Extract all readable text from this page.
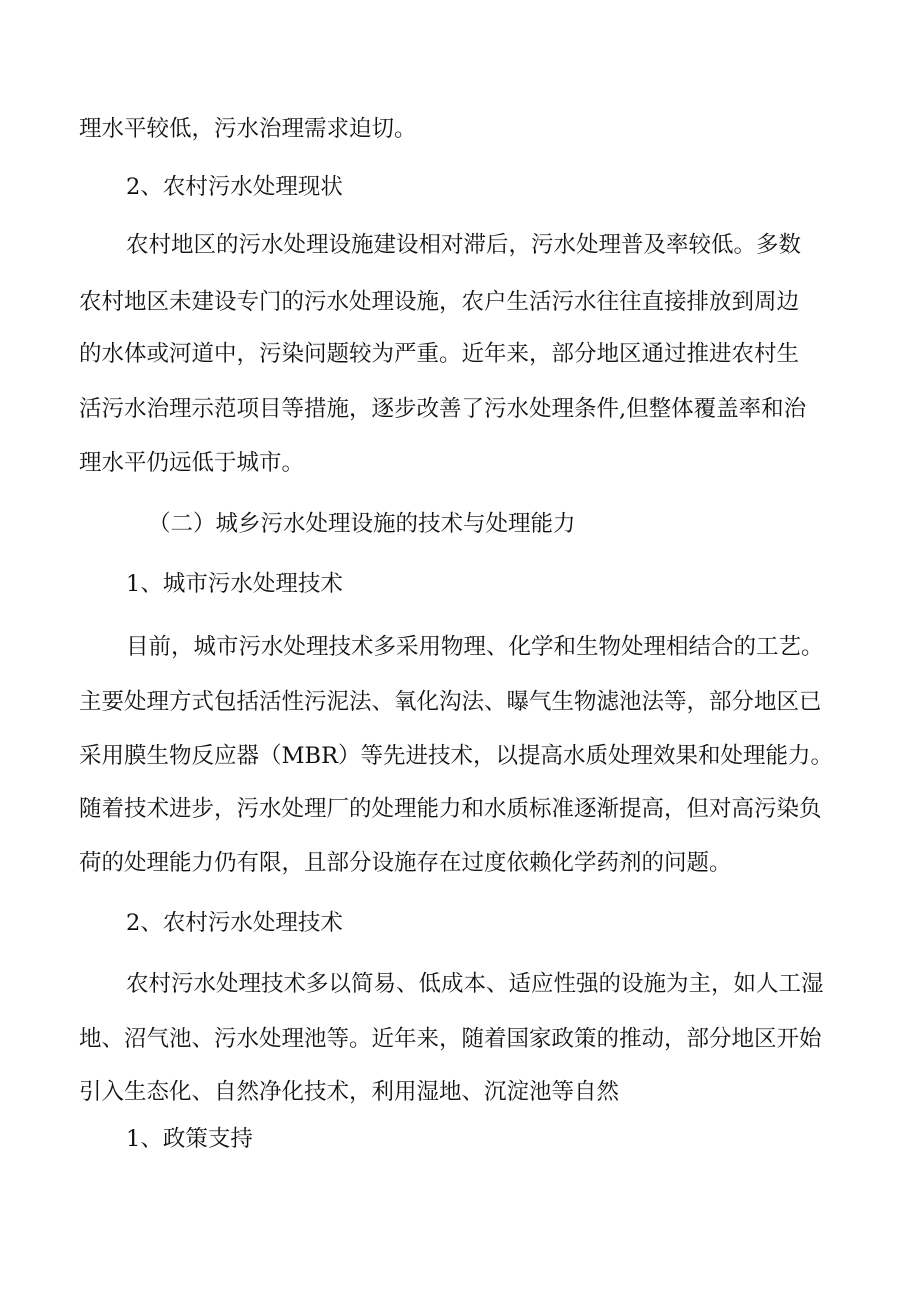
理水平较低，污水治理需求迫切。

2、农村污水处理现状

农村地区的污水处理设施建设相对滞后，污水处理普及率较低。多数

农村地区未建设专门的污水处理设施，农户生活污水往往直接排放到周边

的水体或河道中，污染问题较为严重。近年来，部分地区通过推进农村生

活污水治理示范项目等措施，逐步改善了污水处理条件,但整体覆盖率和治

理水平仍远低于城市。

（二）城乡污水处理设施的技术与处理能力

1、城市污水处理技术

目前，城市污水处理技术多采用物理、化学和生物处理相结合的工艺。

主要处理方式包括活性污泥法、氧化沟法、曝气生物滤池法等，部分地区已

采用膜生物反应器（MBR）等先进技术，以提高水质处理效果和处理能力。

随着技术进步，污水处理厂的处理能力和水质标准逐渐提高，但对高污染负

荷的处理能力仍有限，且部分设施存在过度依赖化学药剂的问题。

2、农村污水处理技术

农村污水处理技术多以简易、低成本、适应性强的设施为主，如人工湿

地、沼气池、污水处理池等。近年来，随着国家政策的推动，部分地区开始

引入生态化、自然净化技术，利用湿地、沉淀池等自然

1、政策支持
